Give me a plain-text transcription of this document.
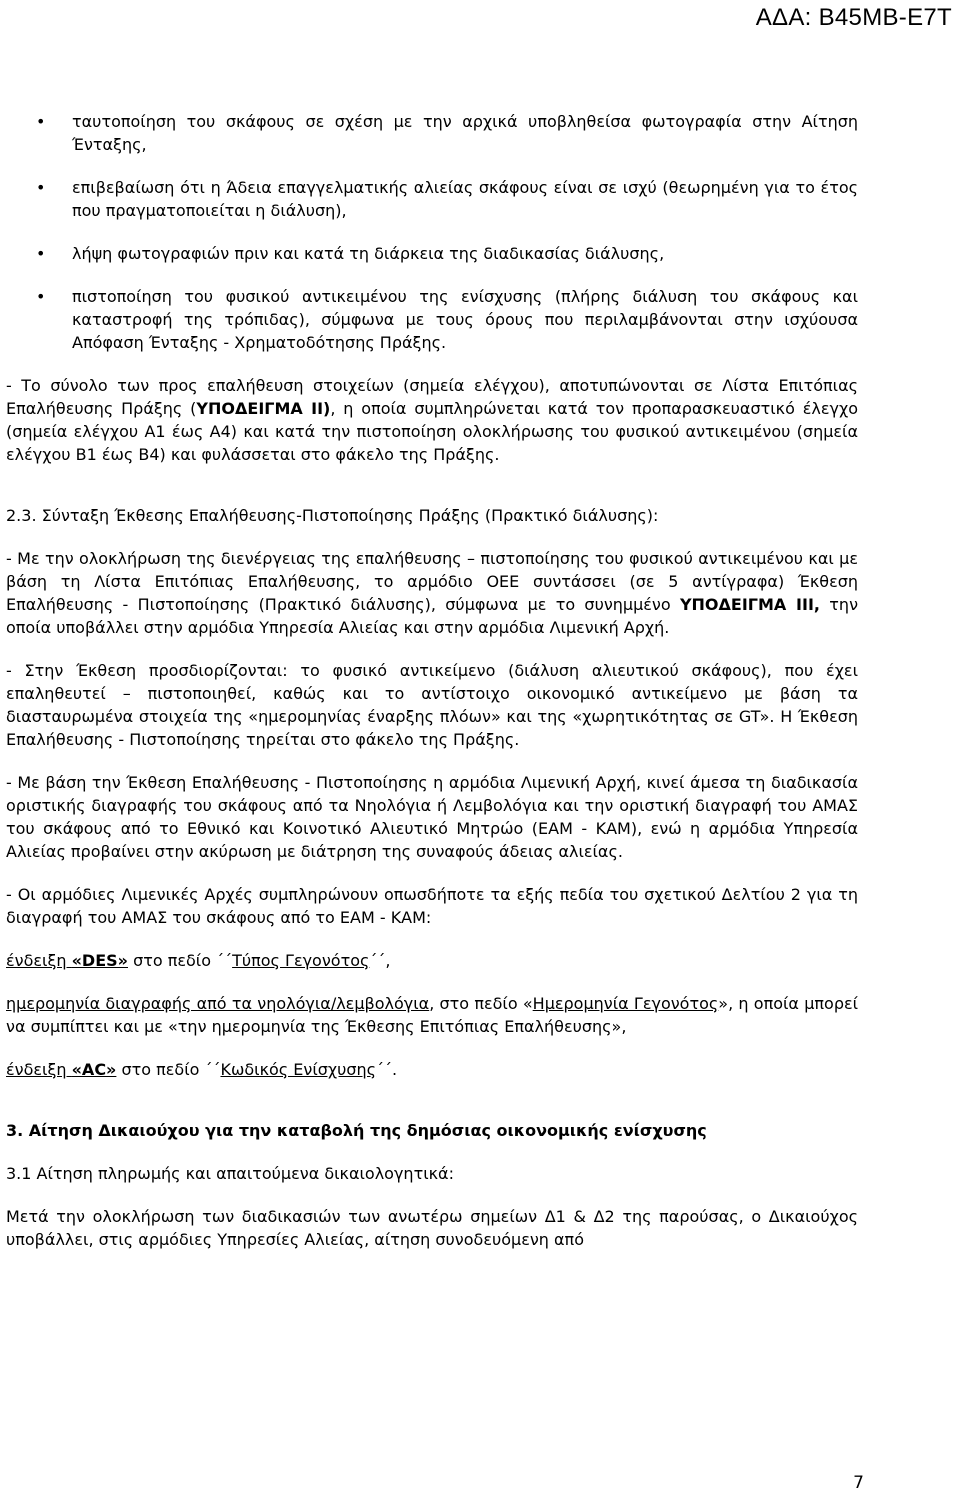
ΑΔΑ: Β45ΜΒ-Ε7Τ
• ταυτοποίηση του σκάφους σε σχέση με την αρχικά υποβληθείσα φωτογραφία στην Αίτηση Ένταξης,
• επιβεβαίωση ότι η Άδεια επαγγελματικής αλιείας σκάφους είναι σε ισχύ (θεωρημένη για το έτος που πραγματοποιείται η διάλυση),
• λήψη φωτογραφιών πριν και κατά τη διάρκεια της διαδικασίας διάλυσης,
• πιστοποίηση του φυσικού αντικειμένου της ενίσχυσης (πλήρης διάλυση του σκάφους και καταστροφή της τρόπιδας), σύμφωνα με τους όρους που περιλαμβάνονται στην ισχύουσα Απόφαση Ένταξης - Χρηματοδότησης Πράξης.

- Το σύνολο των προς επαλήθευση στοιχείων (σημεία ελέγχου), αποτυπώνονται σε Λίστα Επιτόπιας Επαλήθευσης Πράξης (ΥΠΟΔΕΙΓΜΑ ΙΙ), η οποία συμπληρώνεται κατά τον προπαρασκευαστικό έλεγχο (σημεία ελέγχου Α1 έως Α4) και κατά την πιστοποίηση ολοκλήρωσης του φυσικού αντικειμένου (σημεία ελέγχου Β1 έως Β4) και φυλάσσεται στο φάκελο της Πράξης.

2.3. Σύνταξη Έκθεσης Επαλήθευσης-Πιστοποίησης Πράξης (Πρακτικό διάλυσης):

- Με την ολοκλήρωση της διενέργειας της επαλήθευσης – πιστοποίησης του φυσικού αντικειμένου και με βάση τη Λίστα Επιτόπιας Επαλήθευσης, το αρμόδιο ΟΕΕ συντάσσει (σε 5 αντίγραφα) Έκθεση Επαλήθευσης - Πιστοποίησης (Πρακτικό διάλυσης), σύμφωνα με το συνημμένο ΥΠΟΔΕΙΓΜΑ ΙΙΙ, την οποία υποβάλλει στην αρμόδια Υπηρεσία Αλιείας και στην αρμόδια Λιμενική Αρχή.

- Στην Έκθεση προσδιορίζονται: το φυσικό αντικείμενο (διάλυση αλιευτικού σκάφους), που έχει επαληθευτεί – πιστοποιηθεί, καθώς και το αντίστοιχο οικονομικό αντικείμενο με βάση τα διασταυρωμένα στοιχεία της «ημερομηνίας έναρξης πλόων» και της «χωρητικότητας σε GT». Η Έκθεση Επαλήθευσης - Πιστοποίησης τηρείται στο φάκελο της Πράξης.

- Με βάση την Έκθεση Επαλήθευσης - Πιστοποίησης η αρμόδια Λιμενική Αρχή, κινεί άμεσα τη διαδικασία οριστικής διαγραφής του σκάφους από τα Νηολόγια ή Λεμβολόγια και την οριστική διαγραφή του ΑΜΑΣ του σκάφους από το Εθνικό και Κοινοτικό Αλιευτικό Μητρώο (ΕΑΜ - ΚΑΜ), ενώ η αρμόδια Υπηρεσία Αλιείας προβαίνει στην ακύρωση με διάτρηση της συναφούς άδειας αλιείας.

- Οι αρμόδιες Λιμενικές Αρχές συμπληρώνουν οπωσδήποτε τα εξής πεδία του σχετικού Δελτίου 2 για τη διαγραφή του ΑΜΑΣ του σκάφους από το ΕΑΜ - ΚΑΜ:

ένδειξη «DES» στο πεδίο ΄΄Τύπος Γεγονότος΄΄,

ημερομηνία διαγραφής από τα νηολόγια/λεμβολόγια, στο πεδίο «Ημερομηνία Γεγονότος», η οποία μπορεί να συμπίπτει και με «την ημερομηνία της Έκθεσης Επιτόπιας Επαλήθευσης»,

ένδειξη «AC» στο πεδίο ΄΄Κωδικός Ενίσχυσης΄΄.

3. Αίτηση Δικαιούχου για την καταβολή της δημόσιας οικονομικής ενίσχυσης

3.1 Αίτηση πληρωμής και απαιτούμενα δικαιολογητικά:

Μετά την ολοκλήρωση των διαδικασιών των ανωτέρω σημείων Δ1 & Δ2 της παρούσας, ο Δικαιούχος υποβάλλει, στις αρμόδιες Υπηρεσίες Αλιείας, αίτηση συνοδευόμενη από

7
